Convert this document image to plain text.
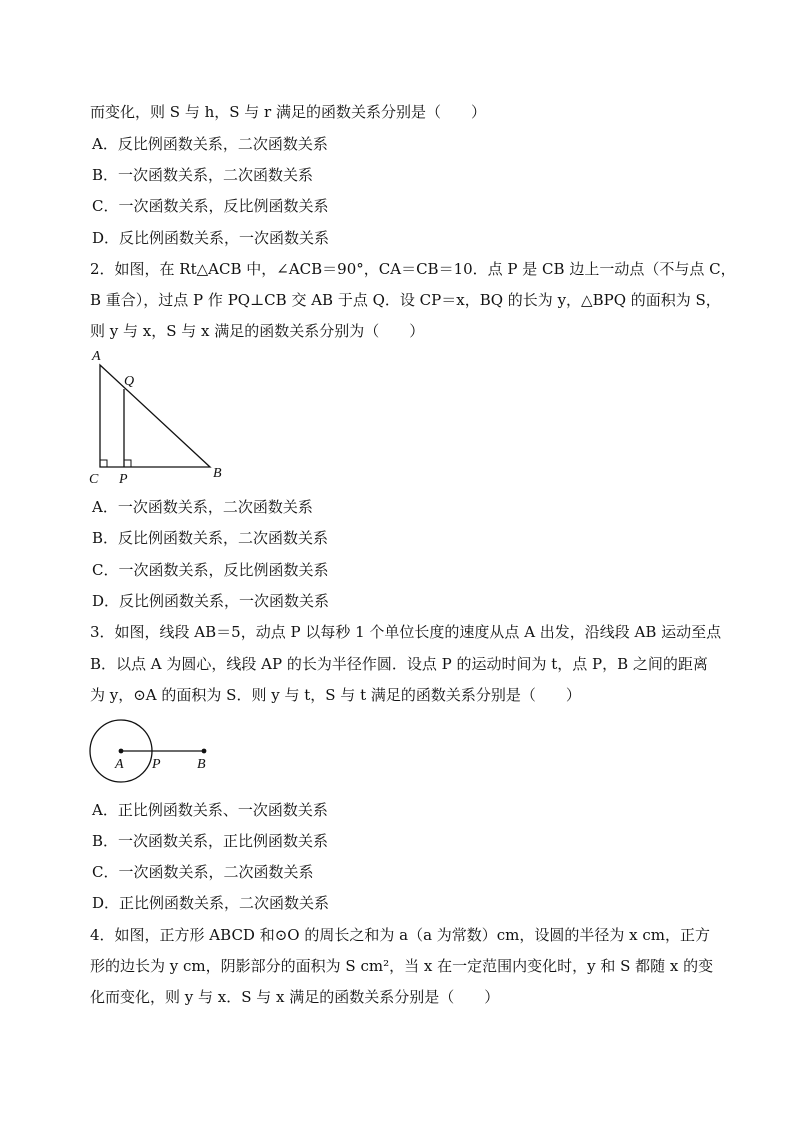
而变化，则 S 与 h，S 与 r 满足的函数关系分别是（　　）
A．反比例函数关系，二次函数关系
B．一次函数关系，二次函数关系
C．一次函数关系，反比例函数关系
D．反比例函数关系，一次函数关系
2．如图，在 Rt△ACB 中，∠ACB＝90°，CA＝CB＝10．点 P 是 CB 边上一动点（不与点 C，
B 重合），过点 P 作 PQ⊥CB 交 AB 于点 Q．设 CP＝x，BQ 的长为 y，△BPQ 的面积为 S，
则 y 与 x，S 与 x 满足的函数关系分别为（　　）
A
Q
C P	B
A．一次函数关系，二次函数关系
B．反比例函数关系，二次函数关系
C．一次函数关系，反比例函数关系
D．反比例函数关系，一次函数关系
3．如图，线段 AB＝5，动点 P 以每秒 1 个单位长度的速度从点 A 出发，沿线段 AB 运动至点
B．以点 A 为圆心，线段 AP 的长为半径作圆．设点 P 的运动时间为 t，点 P，B 之间的距离
为 y，⊙A 的面积为 S．则 y 与 t，S 与 t 满足的函数关系分别是（　　）
A P	B
A．正比例函数关系、一次函数关系
B．一次函数关系，正比例函数关系
C．一次函数关系，二次函数关系
D．正比例函数关系，二次函数关系
4．如图，正方形 ABCD 和⊙O 的周长之和为 a（a 为常数）cm，设圆的半径为 x cm，正方
形的边长为 y cm，阴影部分的面积为 S cm²，当 x 在一定范围内变化时，y 和 S 都随 x 的变
化而变化，则 y 与 x．S 与 x 满足的函数关系分别是（　　）
